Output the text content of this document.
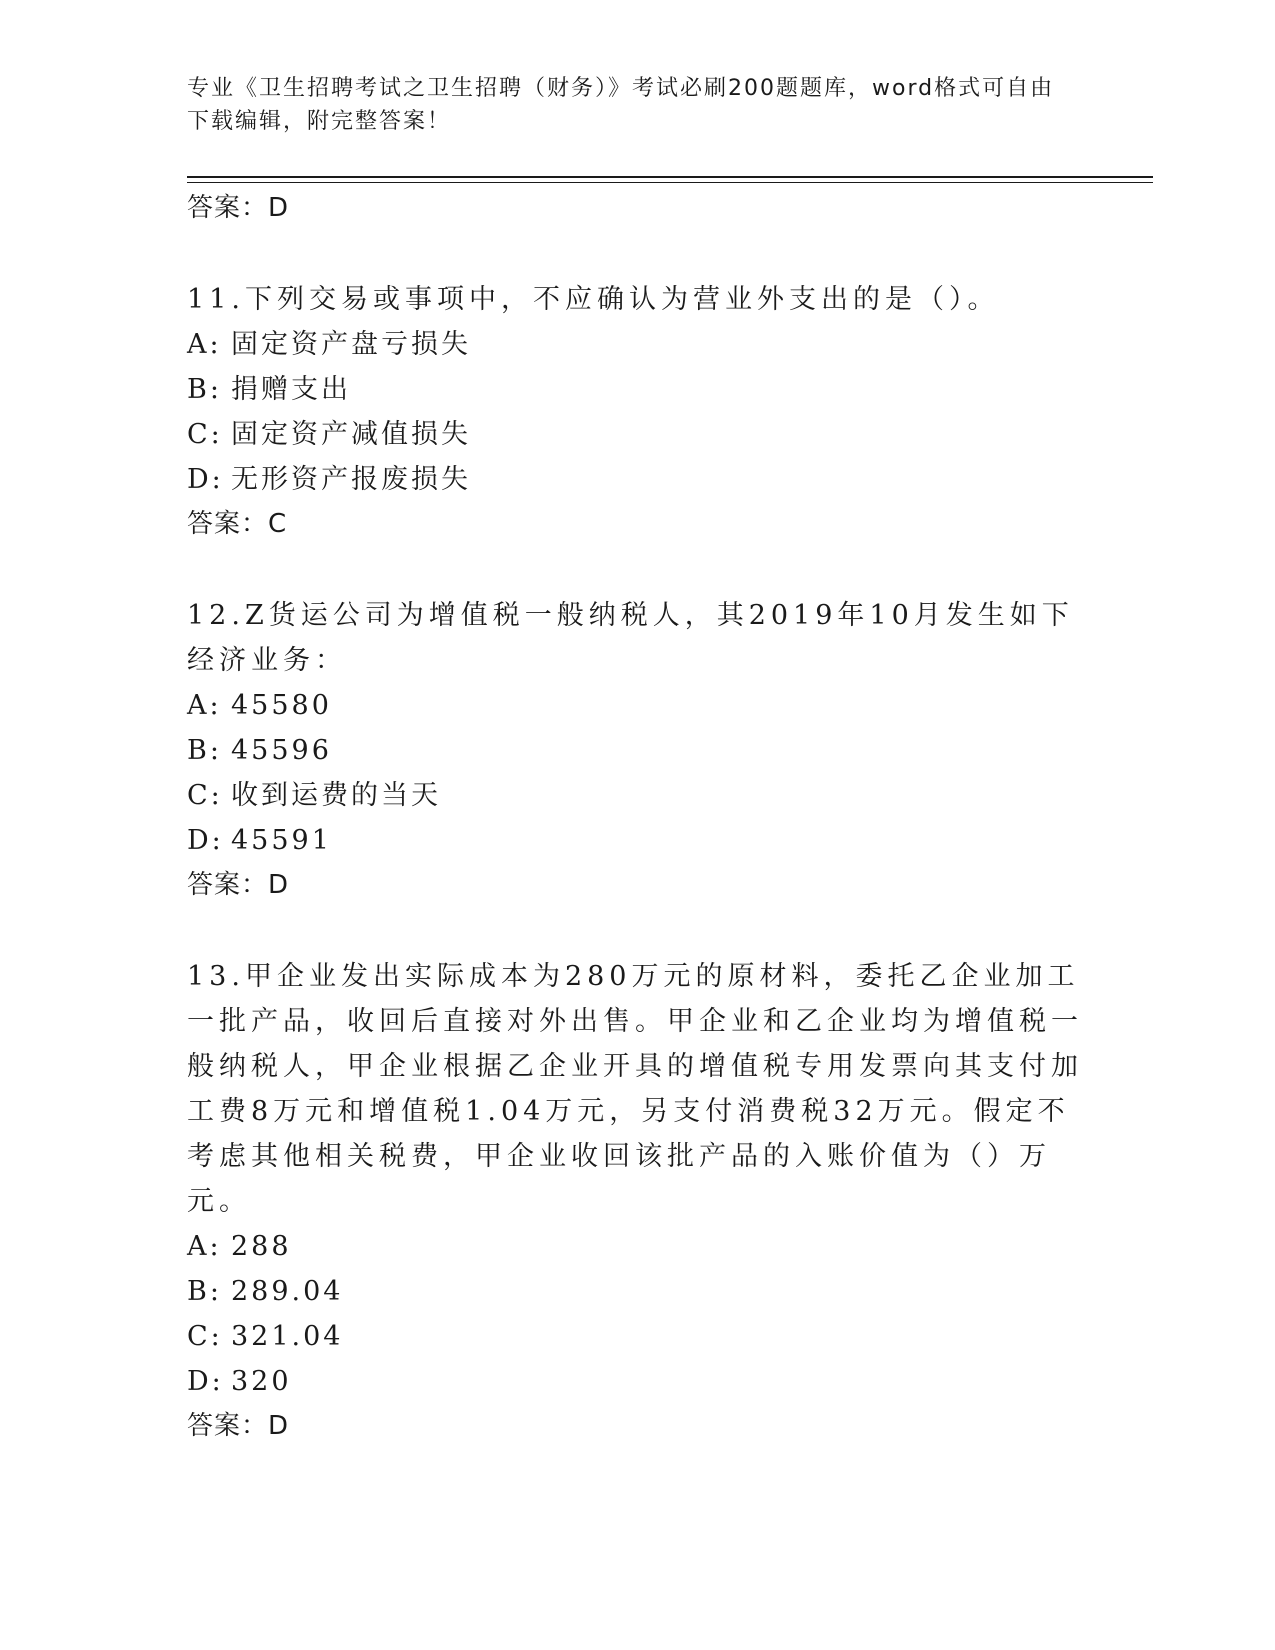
专业《卫生招聘考试之卫生招聘（财务）》考试必刷200题题库，word格式可自由下载编辑，附完整答案！

答案：D

11.下列交易或事项中，不应确认为营业外支出的是（）。

A: 固定资产盘亏损失

B: 捐赠支出

C: 固定资产减值损失

D: 无形资产报废损失

答案：C

12.Z货运公司为增值税一般纳税人，其2019年10月发生如下经济业务：

A: 45580

B: 45596

C: 收到运费的当天

D: 45591

答案：D

13.甲企业发出实际成本为280万元的原材料，委托乙企业加工一批产品，收回后直接对外出售。甲企业和乙企业均为增值税一般纳税人，甲企业根据乙企业开具的增值税专用发票向其支付加工费8万元和增值税1.04万元，另支付消费税32万元。假定不考虑其他相关税费，甲企业收回该批产品的入账价值为（）万元。

A: 288

B: 289.04

C: 321.04

D: 320

答案：D
